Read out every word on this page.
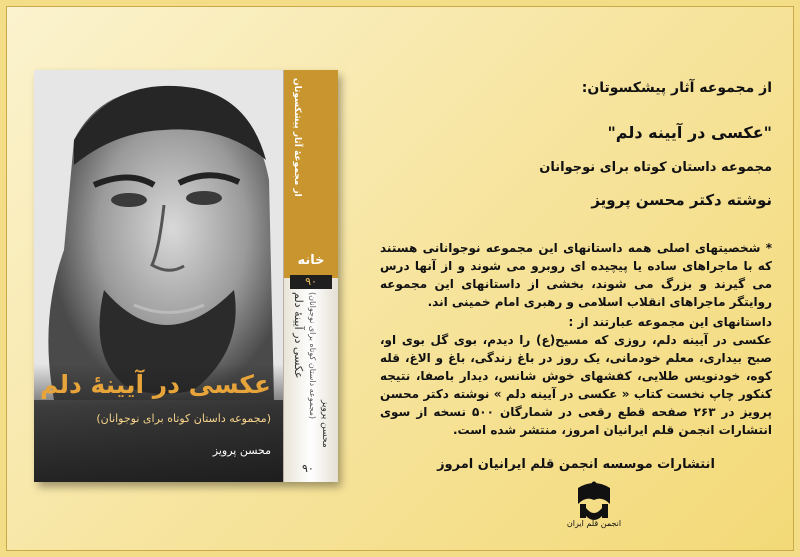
عکسی در آیینهٔ دلم
(مجموعه داستان کوتاه برای نوجوانان)
محسن پرویز
از مجموعهٔ آثار پیشکسوتان
خانه
۹۰
عکسی در آیینهٔ دلم (مجموعه داستان کوتاه برای نوجوانان) محسن پرویز
۹۰
از مجموعه آثار پیشکسوتان:
"عکسی در آیینه دلم"
مجموعه داستان کوتاه برای نوجوانان
نوشته دکتر محسن پرویز
* شخصیتهای اصلی همه داستانهای این مجموعه نوجوانانی هستند که با ماجراهای ساده یا پیچیده ای روبرو می شوند و از آنها درس می گیرند و بزرگ می شوند، بخشی از داستانهای این مجموعه روایتگر ماجراهای انقلاب اسلامی و رهبری امام خمینی اند.
داستانهای این مجموعه عبارتند از :
عکسی در آیینه دلم، روزی که مسیح(ع) را دیدم، بوی گل بوی او، صبح بیداری، معلم خودمانی، یک روز در باغ زندگی، باغ و الاغ، قله کوه، خودنویس طلایی، کفشهای خوش شانس، دیدار باصفا، نتیجه کنکور چاپ نخست کتاب « عکسی در آیینه دلم » نوشته دکتر محسن پرویز در ۲۶۳ صفحه قطع رقعی در شمارگان ۵۰۰ نسخه از سوی انتشارات انجمن قلم ایرانیان امروز، منتشر شده است.
انتشارات موسسه انجمن قلم ایرانیان امروز
انجمن قلم ایران
